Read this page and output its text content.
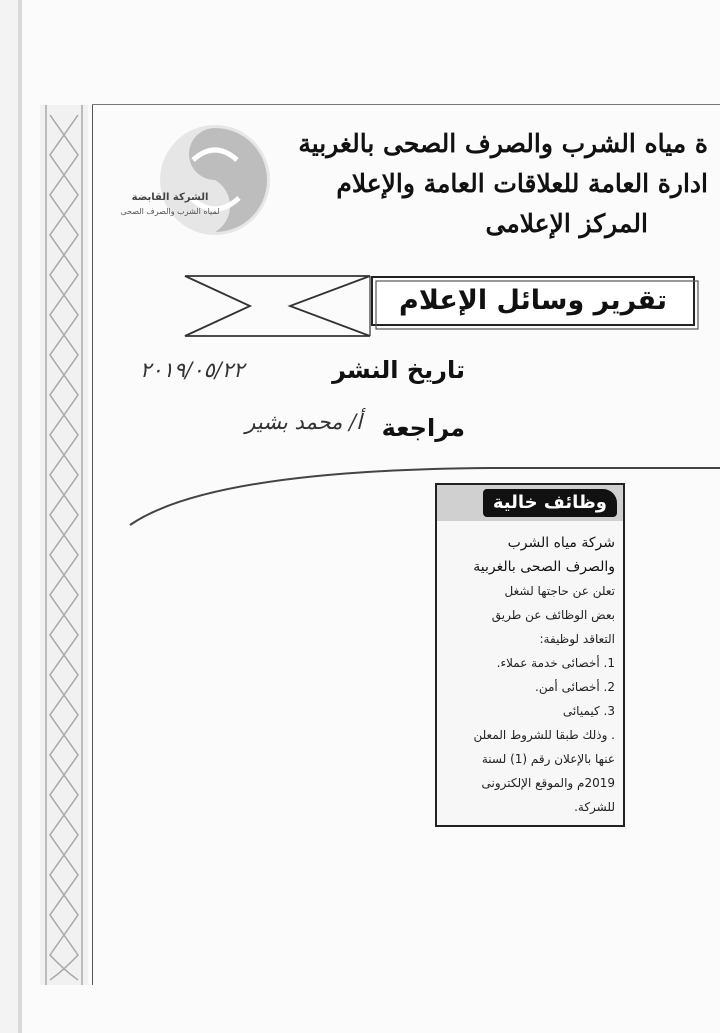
الشركة القابضة
لمياه الشرب والصرف الصحى
ة مياه الشرب والصرف الصحى بالغربية
ادارة العامة للعلاقات العامة والإعلام
المركز الإعلامى
تقرير وسائل الإعلام
تاريخ النشر
٢٠١٩/٠٥/٢٢
مراجعة
أ/ محمد بشير
وظائف خالية
شركة مياه الشرب
والصرف الصحى بالغربية
تعلن عن حاجتها لشغل
بعض الوظائف عن طريق
التعاقد لوظيفة:
1. أخصائى خدمة عملاء.
2. أخصائى أمن.
3. كيميائى
. وذلك طبقا للشروط المعلن
عنها بالإعلان رقم (1) لسنة
2019م والموقع الإلكترونى
للشركة.
